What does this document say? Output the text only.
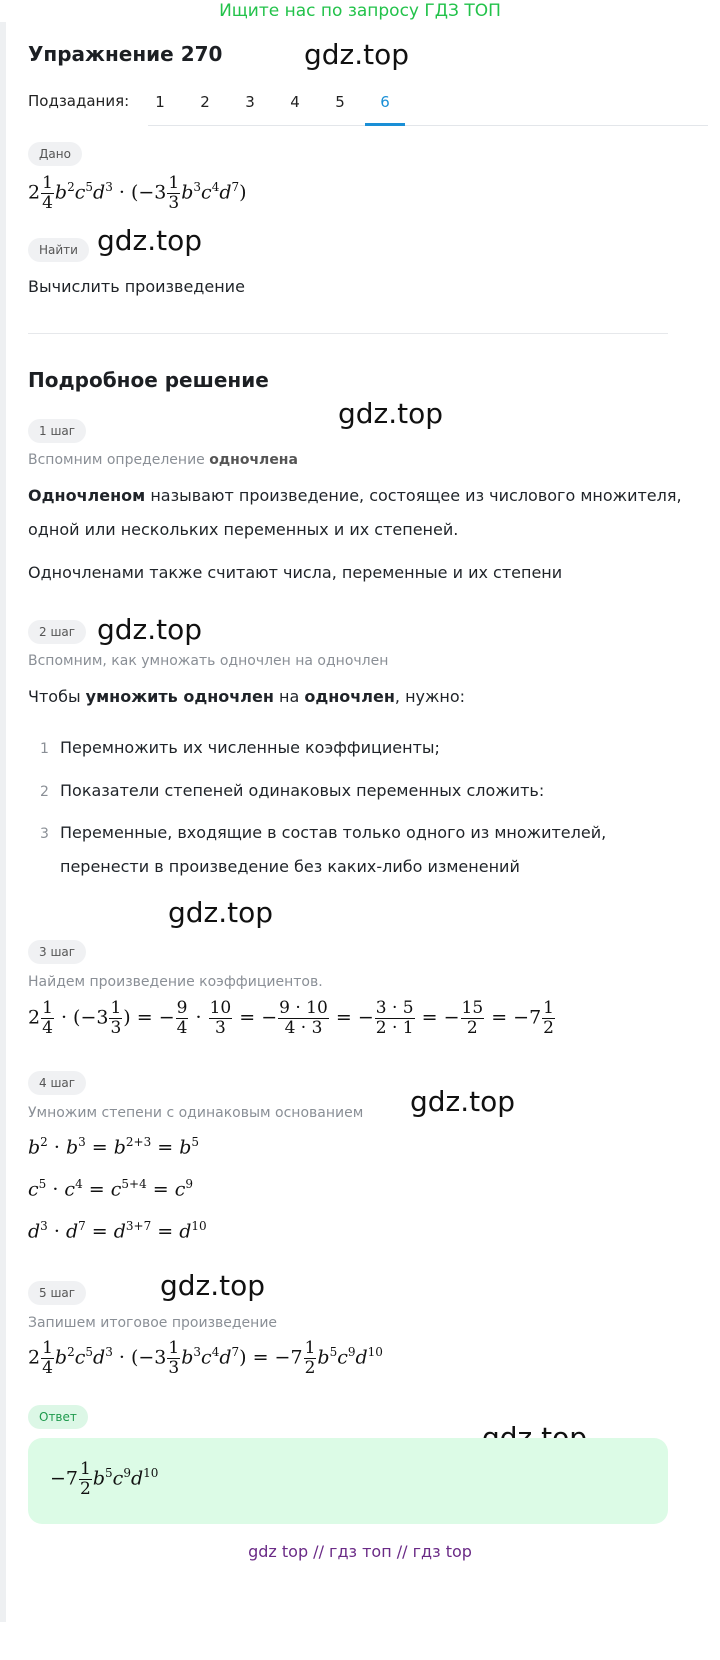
Ищите нас по запросу ГДЗ ТОП
gdz.top
gdz.top
gdz.top
gdz.top
gdz.top
gdz.top
gdz.top
Упражнение 270
Подзадания:	1	2	3	4	5	6
Дано
$2 \frac{1}{4} b^2c^5d^3 \cdot (-3 \frac{1}{3} b^3c^4d^7)$
Найти
Вычислить произведение
Подробное решение
1 шаг
Вспомним определение одночлена
Одночленом называют произведение, состоящее из числового множителя, одной или нескольких переменных и их степеней.
Одночленами также считают числа, переменные и их степени
2 шаг
Вспомним, как умножать одночлен на одночлен
Чтобы умножить одночлен на одночлен, нужно:
1 Перемножить их численные коэффициенты;
2 Показатели степеней одинаковых переменных сложить:
3 Переменные, входящие в состав только одного из множителей, перенести в произведение без каких-либо изменений
3 шаг
Найдем произведение коэффициентов.
$2 \frac{1}{4} \cdot (-3 \frac{1}{3}$ ) = − $\frac{9}{4} \cdot \frac{10}{3}$ = − $\frac{9 \cdot 10}{4 \cdot 3}$ = − $\frac{3 \cdot 5}{2 \cdot 1}$ = − $\frac{15}{2} = -7 \frac{1}{2}$
4 шаг
Умножим степени с одинаковым основанием
$b^2 \cdot b^3 = b^{2+3} = b^5$
$c^5 \cdot c^4 = c^{5+4} = c^9$
$d^3 \cdot d^7 = d^{3+7} = d^{10}$
5 шаг
Запишем итоговое произведение
$2 \frac{1}{4} b^2c^5d^3 \cdot (-3 \frac{1}{3} b^3c^4d^7) = -7 \frac{1}{2} b^5c^9d^{10}$
Ответ
$-7 \frac{1}{2} b^5c^9d^{10}$
gdz top // гдз топ // гдз top
